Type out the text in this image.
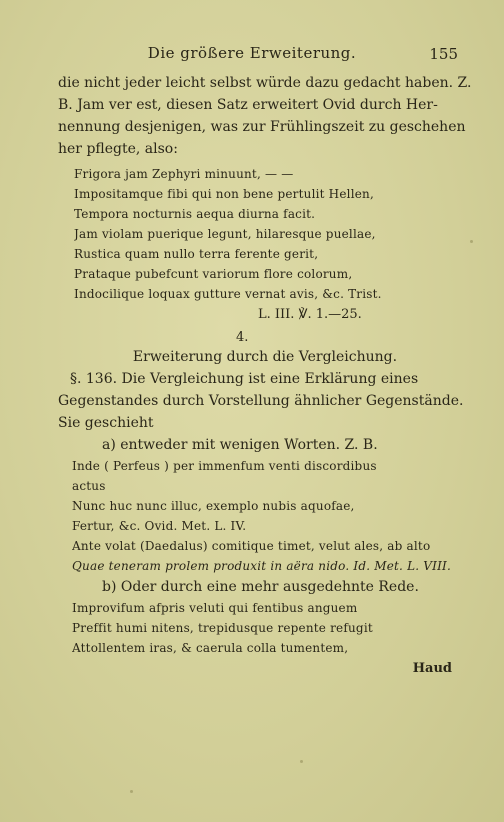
Die größere Erweiterung.	155
die nicht jeder leicht selbst würde dazu gedacht haben. Z.
B. Jam ver est, diesen Satz erweitert Ovid durch Her-
nennung desjenigen, was zur Frühlingszeit zu geschehen
her pflegte, also:
Frigora jam Zephyri minuunt, — —
Impositamque fibi qui non bene pertulit Hellen,
Tempora nocturnis aequa diurna facit.
Jam violam puerique legunt, hilaresque puellae,
Rustica quam nullo terra ferente gerit,
Prataque pubefcunt variorum flore colorum,
Indocilique loquax gutture vernat avis, &c. Trist.
L. III. ℣. 1.—25.
4.
Erweiterung durch die Vergleichung.
§. 136. Die Vergleichung ist eine Erklärung eines
Gegenstandes durch Vorstellung ähnlicher Gegenstände.
Sie geschieht
a) entweder mit wenigen Worten. Z. B.
Inde ( Perfeus ) per immenfum venti discordibus
actus
Nunc huc nunc illuc, exemplo nubis aquofae,
Fertur, &c. Ovid. Met. L. IV.
Ante volat (Daedalus) comitique timet, velut ales, ab alto
Quae teneram prolem produxit in aëra nido. Id. Met. L. VIII.
b) Oder durch eine mehr ausgedehnte Rede.
Improvifum afpris veluti qui fentibus anguem
Preffit humi nitens, trepidusque repente refugit
Attollentem iras, & caerula colla tumentem,
Haud
